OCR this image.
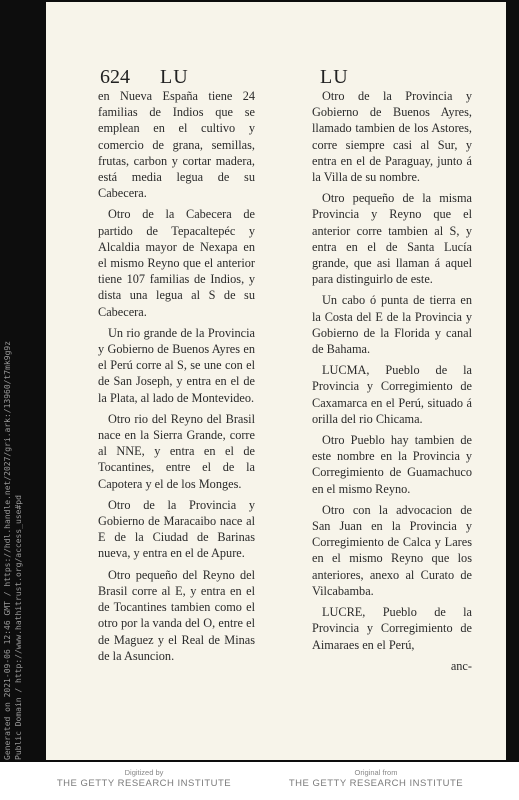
624 LU	LU

en Nueva España tiene 24 familias de Indios que se emplean en el cultivo y comercio de grana, semillas, frutas, carbon y cortar madera, está media legua de su Cabecera.

Otro de la Cabecera de partido de Tepacaltepéc y Alcaldia mayor de Nexapa en el mismo Reyno que el anterior tiene 107 familias de Indios, y dista una legua al S de su Cabecera.

Un rio grande de la Provincia y Gobierno de Buenos Ayres en el Perú corre al S, se une con el de San Joseph, y entra en el de la Plata, al lado de Montevideo.

Otro rio del Reyno del Brasil nace en la Sierra Grande, corre al NNE, y entra en el de Tocantines, entre el de la Capotera y el de los Monges.

Otro de la Provincia y Gobierno de Maracaibo nace al E de la Ciudad de Barinas nueva, y entra en el de Apure.

Otro pequeño del Reyno del Brasil corre al E, y entra en el de Tocantines tambien como el otro por la vanda del O, entre el de Maguez y el Real de Minas de la Asuncion.

Otro de la Provincia y Gobierno de Buenos Ayres, llamado tambien de los Astores, corre siempre casi al Sur, y entra en el de Paraguay, junto á la Villa de su nombre.

Otro pequeño de la misma Provincia y Reyno que el anterior corre tambien al S, y entra en el de Santa Lucía grande, que asi llaman á aquel para distinguirlo de este.

Un cabo ó punta de tierra en la Costa del E de la Provincia y Gobierno de la Florida y canal de Bahama.

LUCMA, Pueblo de la Provincia y Corregimiento de Caxamarca en el Perú, situado á orilla del rio Chicama.

Otro Pueblo hay tambien de este nombre en la Provincia y Corregimiento de Guamachuco en el mismo Reyno.

Otro con la advocacion de San Juan en la Provincia y Corregimiento de Calca y Lares en el mismo Reyno que los anteriores, anexo al Curato de Vilcabamba.

LUCRE, Pueblo de la Provincia y Corregimiento de Aimaraes en el Perú,

anc-

Generated on 2021-09-06 12:46 GMT / https://hdl.handle.net/2027/gri.ark:/13960/t7mk9g9z Public Domain / http://www.hathitrust.org/access_use#pd
Digitized by
THE GETTY RESEARCH INSTITUTE
Original from
THE GETTY RESEARCH INSTITUTE
